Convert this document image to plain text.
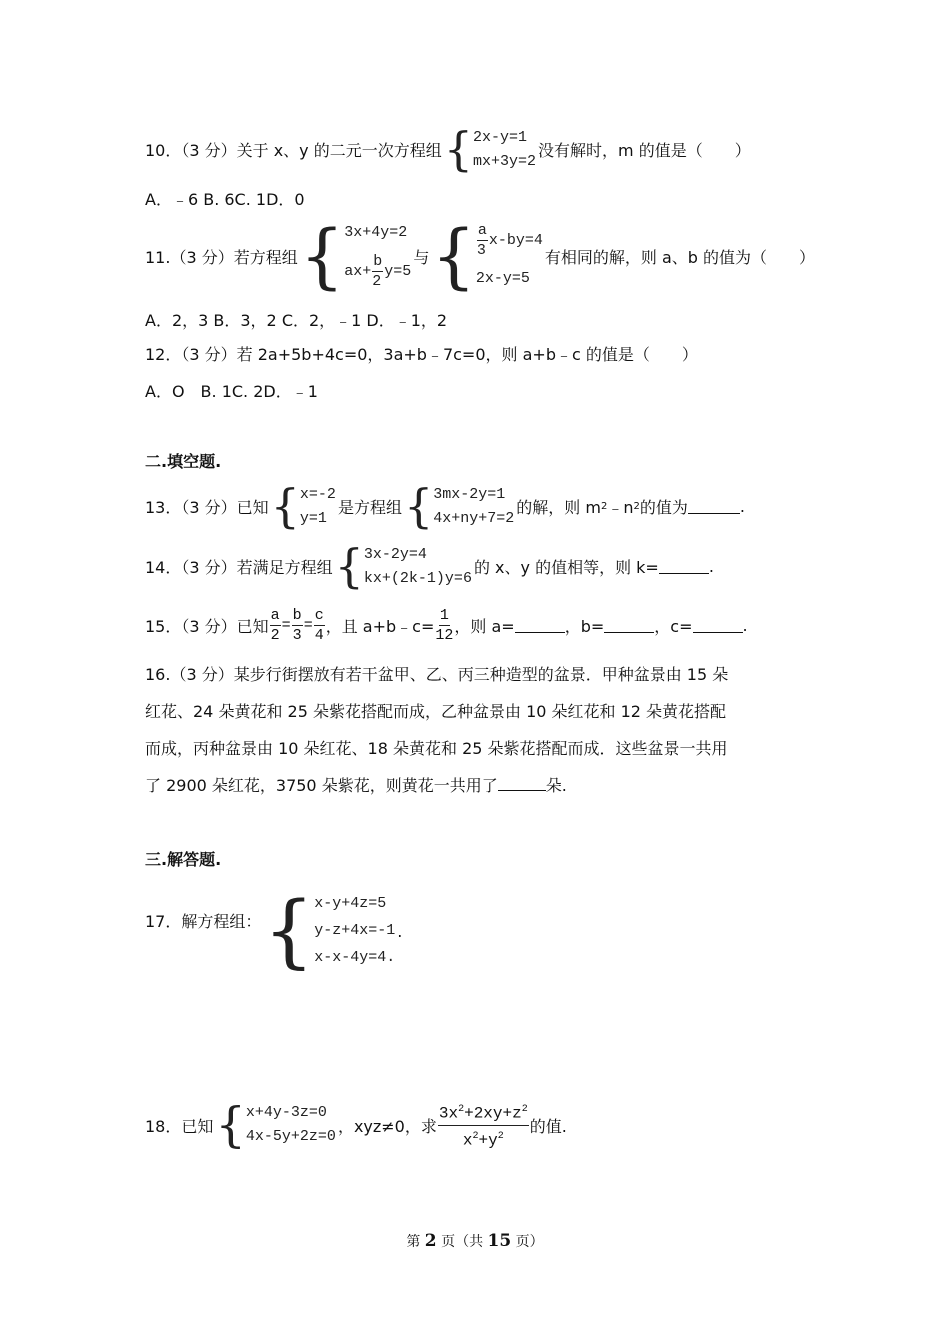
10．（3 分）关于 x、y 的二元一次方程组 { 2x-y=1
mx+3y=2
没有解时，m 的值是（　　）
A．﹣6 B. 6C. 1D．0
11.（3 分）若方程组 { 3x+4y=2
$ax+ \frac{b}{2} y=5$
与 { $\frac{a}{3} x-by=4$
2x-y=5
有相同的解，则 a、b 的值为（　　）
A．2，3 B．3，2 C．2，﹣1 D．﹣1，2
12．（3 分）若 2a+5b+4c=0，3a+b﹣7c=0，则 a+b﹣c 的值是（　　）
A．O　B. 1C. 2D．﹣1
二.填空题.
13．（3 分）已知 { x=-2
y=1
是方程组 { 3mx-2y=1
4x+ny+7=2
的解，则 m 2 ﹣n 2 的值为	.
14．（3 分）若满足方程组 { 3x-2y=4
kx+(2k-1)y=6
的 x、y 的值相等，则 k=	.
15．（3 分）已知 $\frac{a}{2} = \frac{b}{3} = \frac{c}{4}$ ，且 a+b﹣c= $\frac{1}{12}$ ，则 a=	，b=	，c=	.
16.（3 分）某步行街摆放有若干盆甲、乙、丙三种造型的盆景．甲种盆景由 15 朵
红花、24 朵黄花和 25 朵紫花搭配而成，乙种盆景由 10 朵红花和 12 朵黄花搭配
而成，丙种盆景由 10 朵红花、18 朵黄花和 25 朵紫花搭配而成．这些盆景一共用
了 2900 朵红花，3750 朵紫花，则黄花一共用了	朵.
三.解答题.
17．解方程组： { x-y+4z=5
y-z+4x=-1
x-x-4y=4.
.
18．已知 { x+4y-3z=0
4x-5y+2z=0
，xyz≠0，求 $\frac{3x^2+2xy+z^2}{x^2+y^2}$ 的值.
第 2 页（共 15 页）
